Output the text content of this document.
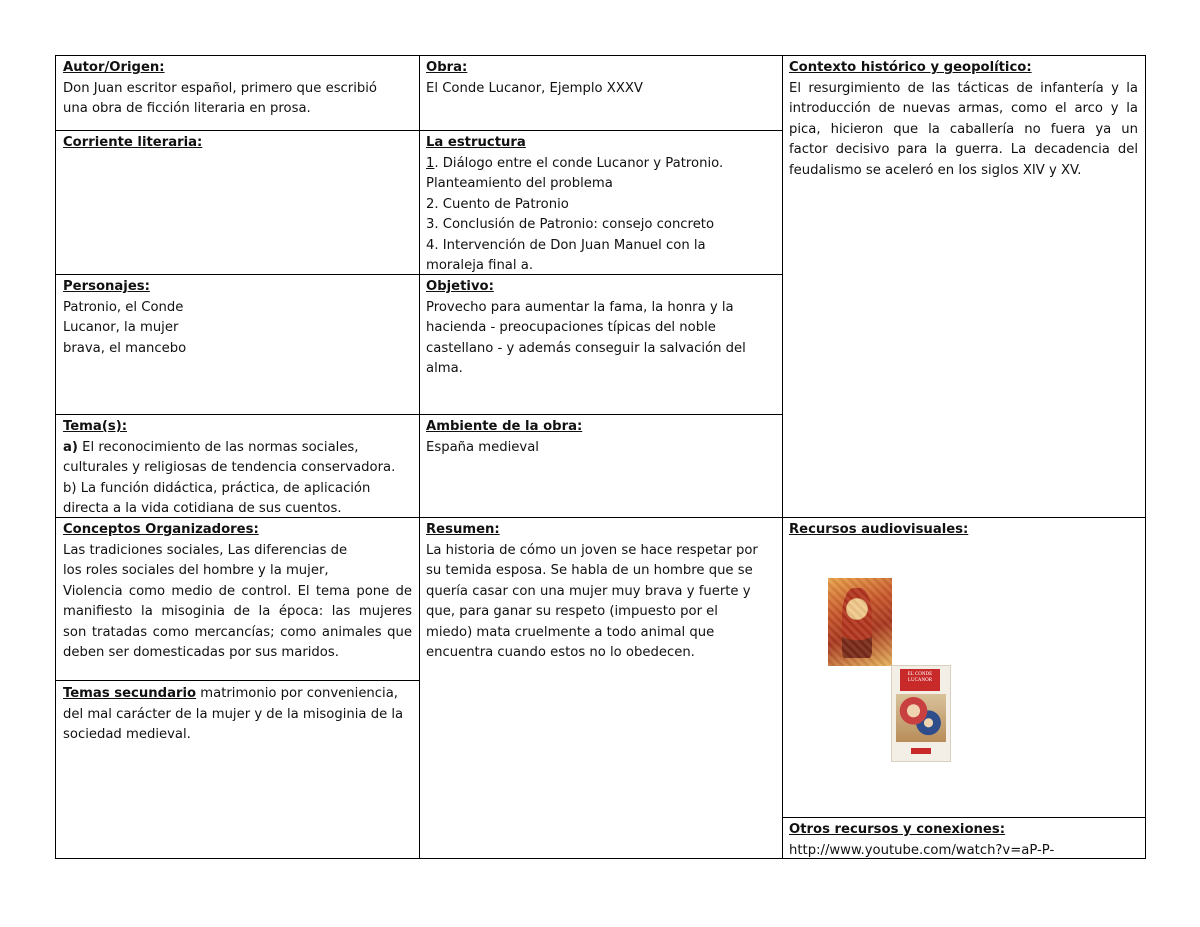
Autor/Origen:
Don Juan escritor español, primero que escribió
una obra de ficción literaria en prosa.
Obra:
El Conde Lucanor, Ejemplo XXXV
Contexto histórico y geopolítico:
El resurgimiento de las tácticas de infantería y la
introducción de nuevas armas, como el arco y la
pica, hicieron que la caballería no fuera ya un
factor decisivo para la guerra. La decadencia del
feudalismo se aceleró en los siglos XIV y XV.
Corriente literaria:	La estructura
1. Diálogo entre el conde Lucanor y Patronio.
Planteamiento del problema
2. Cuento de Patronio
3. Conclusión de Patronio: consejo concreto
4. Intervención de Don Juan Manuel con la
moraleja final a.
Personajes:
Patronio, el Conde
Lucanor, la mujer
brava, el mancebo
Objetivo:
Provecho para aumentar la fama, la honra y la
hacienda - preocupaciones típicas del noble
castellano - y además conseguir la salvación del
alma.
Tema(s):
a) El reconocimiento de las normas sociales,
culturales y religiosas de tendencia conservadora.
b) La función didáctica, práctica, de aplicación
directa a la vida cotidiana de sus cuentos.
Ambiente de la obra:
España medieval
Conceptos Organizadores:
Las tradiciones sociales, Las diferencias de
los roles sociales del hombre y la mujer,
Violencia como medio de control. El tema pone de
manifiesto la misoginia de la época: las mujeres
son tratadas como mercancías; como animales que
deben ser domesticadas por sus maridos.
Resumen:
La historia de cómo un joven se hace respetar por
su temida esposa. Se habla de un hombre que se
quería casar con una mujer muy brava y fuerte y
que, para ganar su respeto (impuesto por el
miedo) mata cruelmente a todo animal que
encuentra cuando estos no lo obedecen.
Recursos audiovisuales:
EL CONDE LUCANOR
Temas secundario matrimonio por conveniencia,
del mal carácter de la mujer y de la misoginia de la
sociedad medieval.
Otros recursos y conexiones:
http://www.youtube.com/watch?v=aP-P-
